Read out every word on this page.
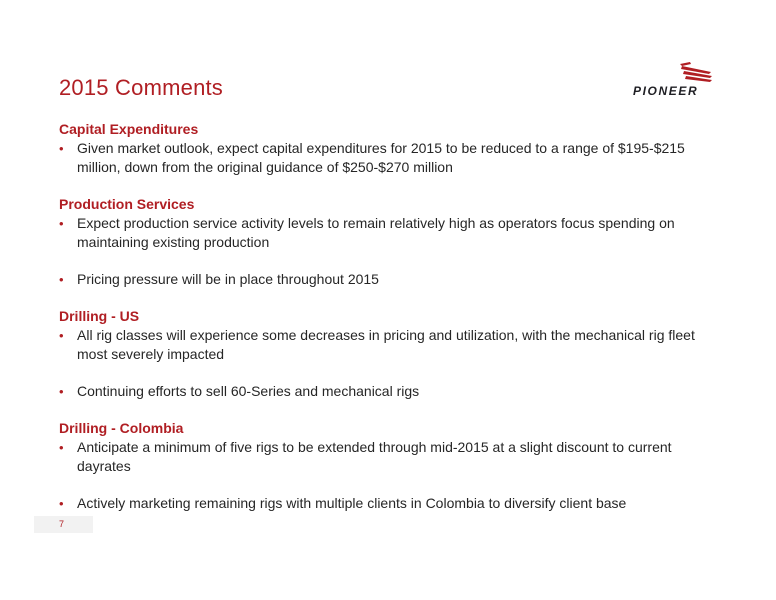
2015 Comments	PIONEER
Capital Expenditures
• Given market outlook, expect capital expenditures for 2015 to be reduced to a range of $195-$215 million, down from the original guidance of $250-$270 million
Production Services
• Expect production service activity levels to remain relatively high as operators focus spending on maintaining existing production
• Pricing pressure will be in place throughout 2015
Drilling - US
• All rig classes will experience some decreases in pricing and utilization, with the mechanical rig fleet most severely impacted
• Continuing efforts to sell 60-Series and mechanical rigs
Drilling - Colombia
• Anticipate a minimum of five rigs to be extended through mid-2015 at a slight discount to current dayrates
• Actively marketing remaining rigs with multiple clients in Colombia to diversify client base
7
